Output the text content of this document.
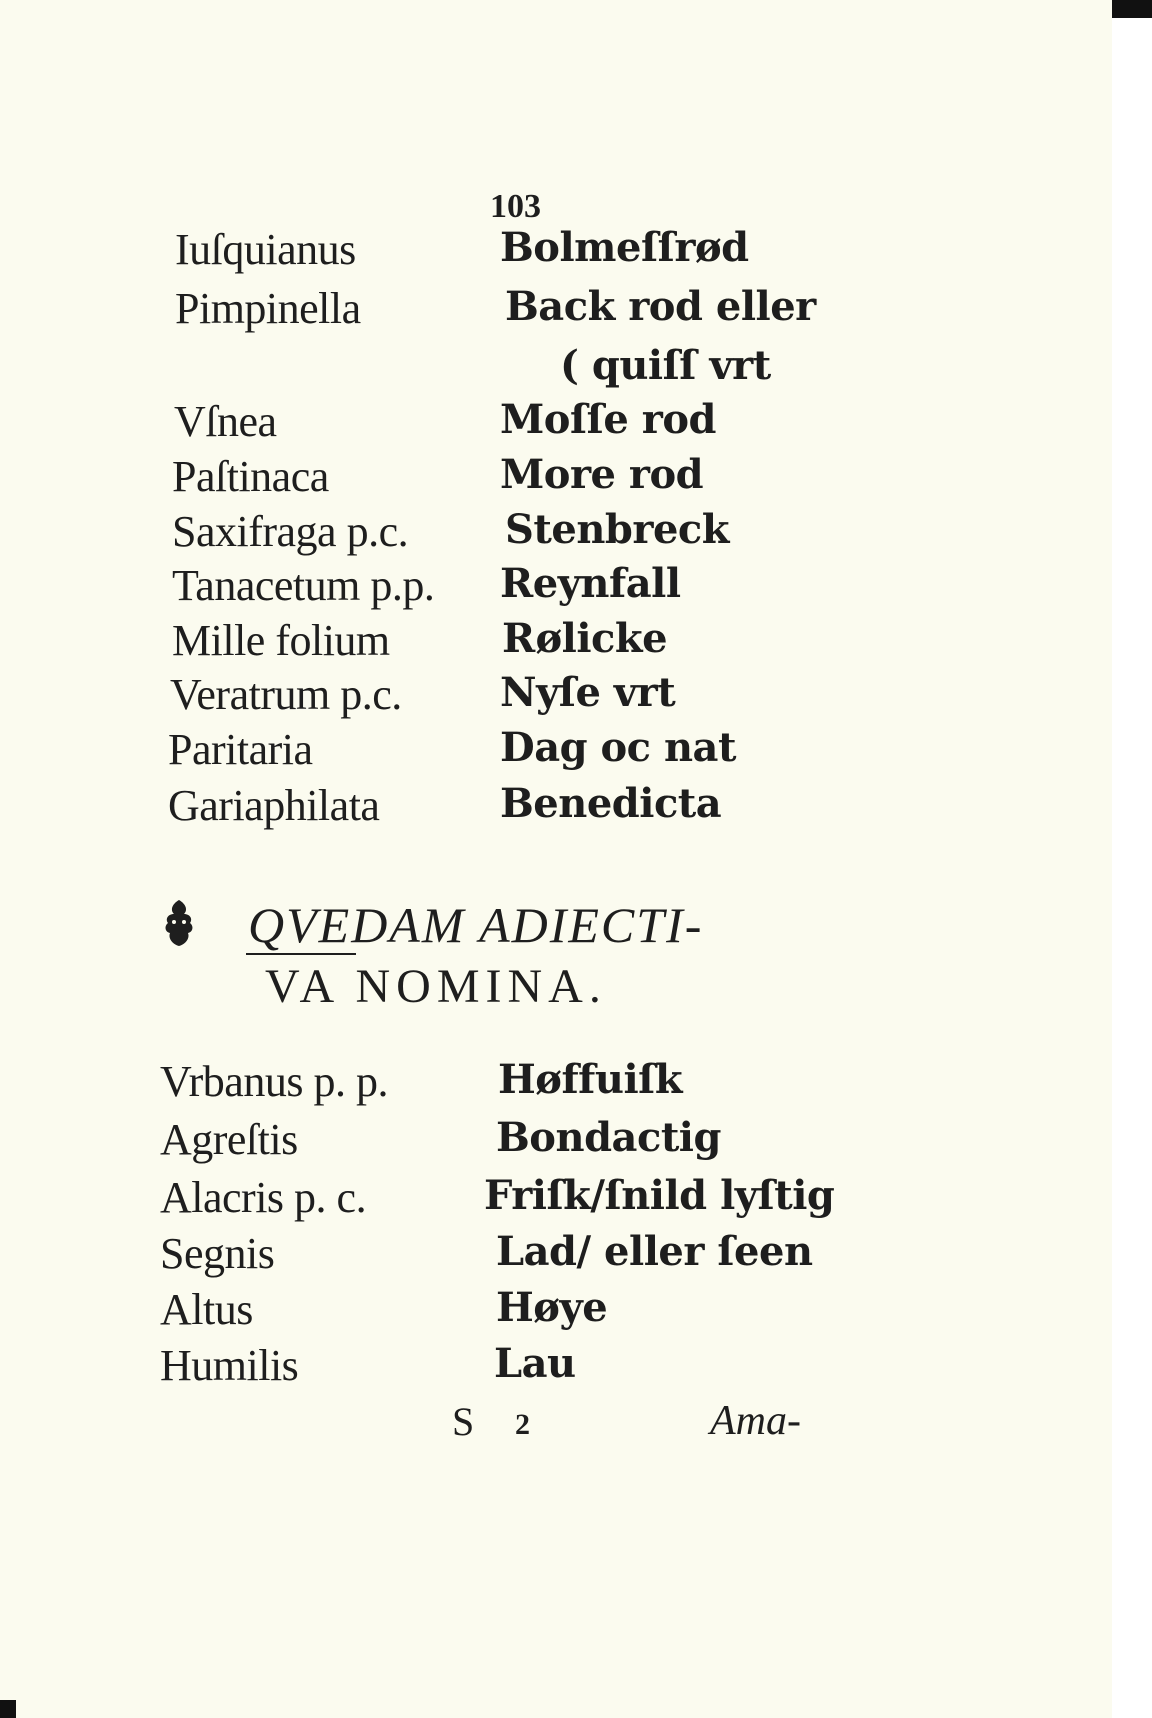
103
Iuſquianus	Bolmeſſrød
Pimpinella	Back rod eller
( quiſſ vrt
Vſnea	Moſſe rod
Paſtinaca	More rod
Saxifraga p.c. Stenbreck
Tanacetum p.p. Reynfall
Mille folium	Rølicke
Veratrum p.c. Nyſe vrt
Paritaria	Dag oc nat
Gariaphilata	Benedicta
QVEDAM ADIECTI-
VA NOMINA.
Vrbanus p. p.	Høffuiſk
Agreſtis	Bondactig
Alacris p. c.	Friſk/ſnild lyſtig
Segnis	Lad/ eller ſeen
Altus	Høye
Humilis	Lau
S 2	Ama-
